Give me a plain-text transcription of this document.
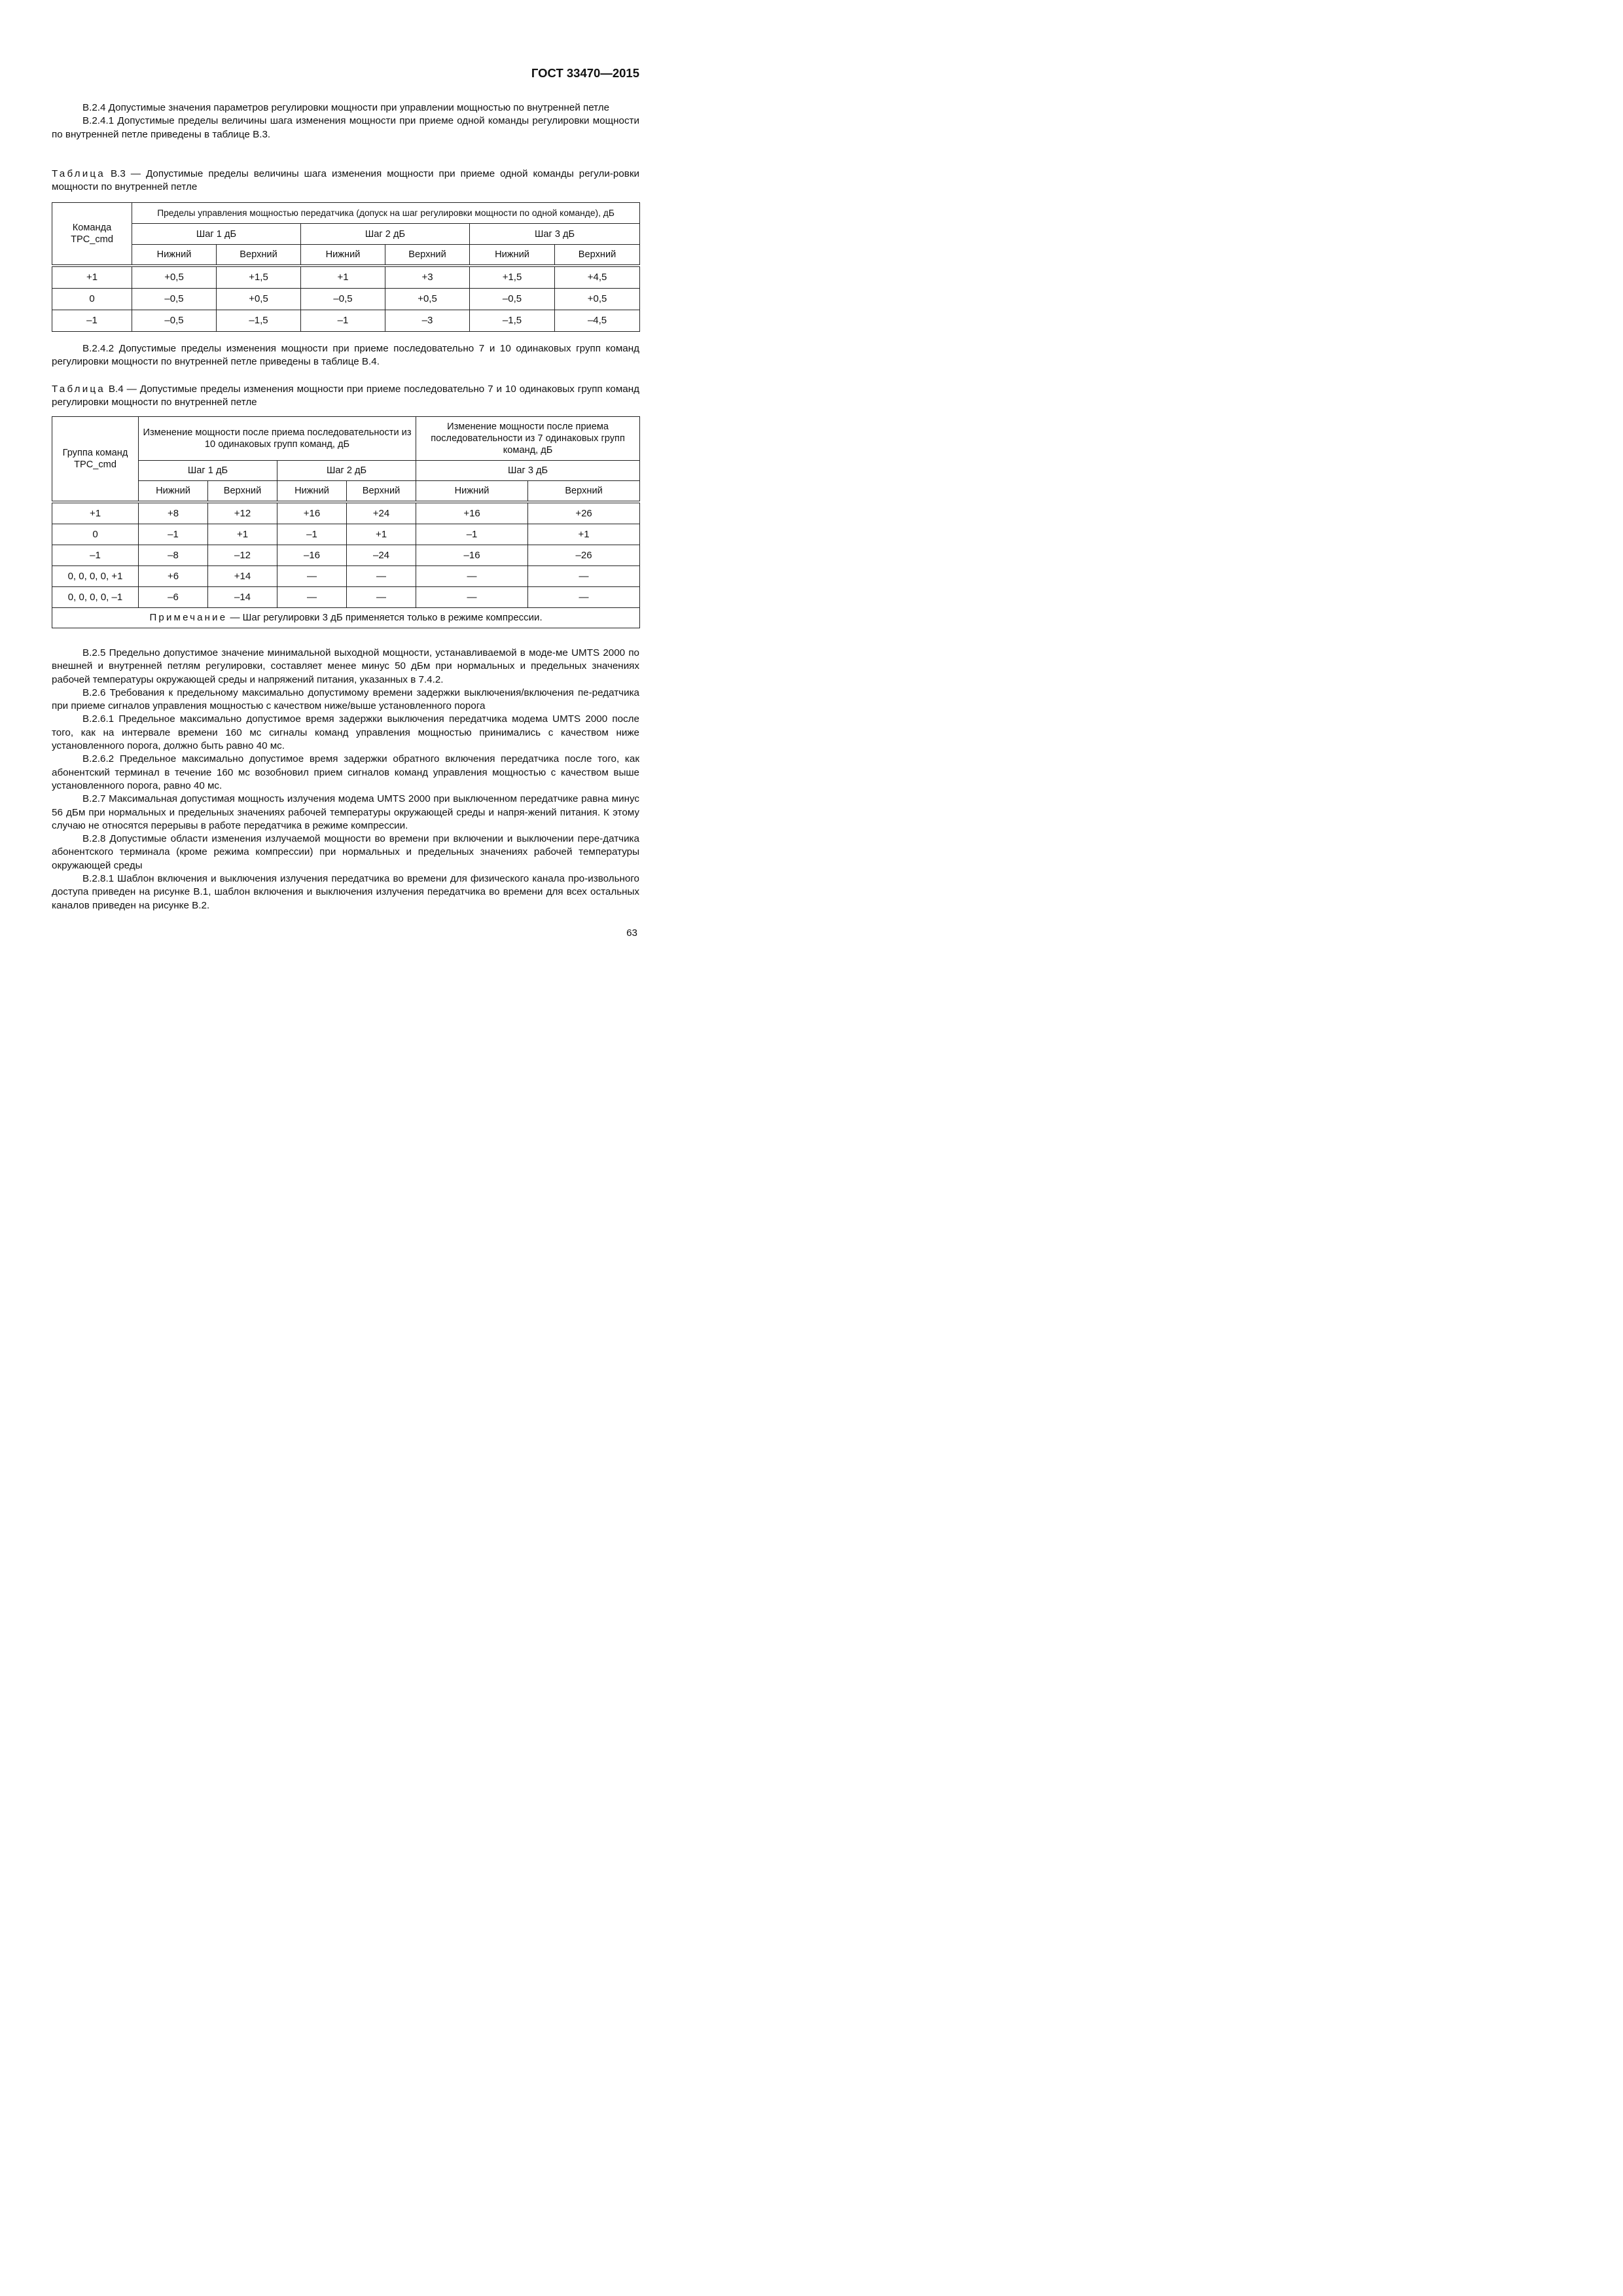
ГОСТ 33470—2015

В.2.4 Допустимые значения параметров регулировки мощности при управлении мощностью по внутренней петле

В.2.4.1 Допустимые пределы величины шага изменения мощности при приеме одной команды регулировки мощности по внутренней петле приведены в таблице В.3.

Таблица В.3 — Допустимые пределы величины шага изменения мощности при приеме одной команды регули-ровки мощности по внутренней петле

Команда TPC_cmd	Пределы управления мощностью передатчика (допуск на шаг регулировки мощности по одной команде), дБ					
	Шаг 1 дБ		Шаг 2 дБ		Шаг 3 дБ	
	Нижний	Верхний	Нижний	Верхний	Нижний	Верхний
+1	+0,5	+1,5	+1	+3	+1,5	+4,5
0	–0,5	+0,5	–0,5	+0,5	–0,5	+0,5
–1	–0,5	–1,5	–1	–3	–1,5	–4,5

В.2.4.2 Допустимые пределы изменения мощности при приеме последовательно 7 и 10 одинаковых групп команд регулировки мощности по внутренней петле приведены в таблице В.4.

Таблица В.4 — Допустимые пределы изменения мощности при приеме последовательно 7 и 10 одинаковых групп команд регулировки мощности по внутренней петле

Группа команд TPC_cmd	Изменение мощности после приема последовательности из 10 одинаковых групп команд, дБ				Изменение мощности после приема последовательности из 7 одинаковых групп команд, дБ	
	Шаг 1 дБ		Шаг 2 дБ		Шаг 3 дБ	
	Нижний	Верхний	Нижний	Верхний	Нижний	Верхний
+1	+8	+12	+16	+24	+16	+26
0	–1	+1	–1	+1	–1	+1
–1	–8	–12	–16	–24	–16	–26
0, 0, 0, 0, +1	+6	+14	—	—	—	—
0, 0, 0, 0, –1	–6	–14	—	—	—	—
Примечание — Шаг регулировки 3 дБ применяется только в режиме компрессии.						

В.2.5 Предельно допустимое значение минимальной выходной мощности, устанавливаемой в моде-ме UMTS 2000 по внешней и внутренней петлям регулировки, составляет менее минус 50 дБм при нормальных и предельных значениях рабочей температуры окружающей среды и напряжений питания, указанных в 7.4.2.

В.2.6 Требования к предельному максимально допустимому времени задержки выключения/включения пе-редатчика при приеме сигналов управления мощностью с качеством ниже/выше установленного порога

В.2.6.1 Предельное максимально допустимое время задержки выключения передатчика модема UMTS 2000 после того, как на интервале времени 160 мс сигналы команд управления мощностью принимались с качеством ниже установленного порога, должно быть равно 40 мс.

В.2.6.2 Предельное максимально допустимое время задержки обратного включения передатчика после того, как абонентский терминал в течение 160 мс возобновил прием сигналов команд управления мощностью с качеством выше установленного порога, равно 40 мс.

В.2.7 Максимальная допустимая мощность излучения модема UMTS 2000 при выключенном передатчике равна минус 56 дБм при нормальных и предельных значениях рабочей температуры окружающей среды и напря-жений питания. К этому случаю не относятся перерывы в работе передатчика в режиме компрессии.

В.2.8 Допустимые области изменения излучаемой мощности во времени при включении и выключении пере-датчика абонентского терминала (кроме режима компрессии) при нормальных и предельных значениях рабочей температуры окружающей среды

В.2.8.1 Шаблон включения и выключения излучения передатчика во времени для физического канала про-извольного доступа приведен на рисунке В.1, шаблон включения и выключения излучения передатчика во времени для всех остальных каналов приведен на рисунке В.2.

63
